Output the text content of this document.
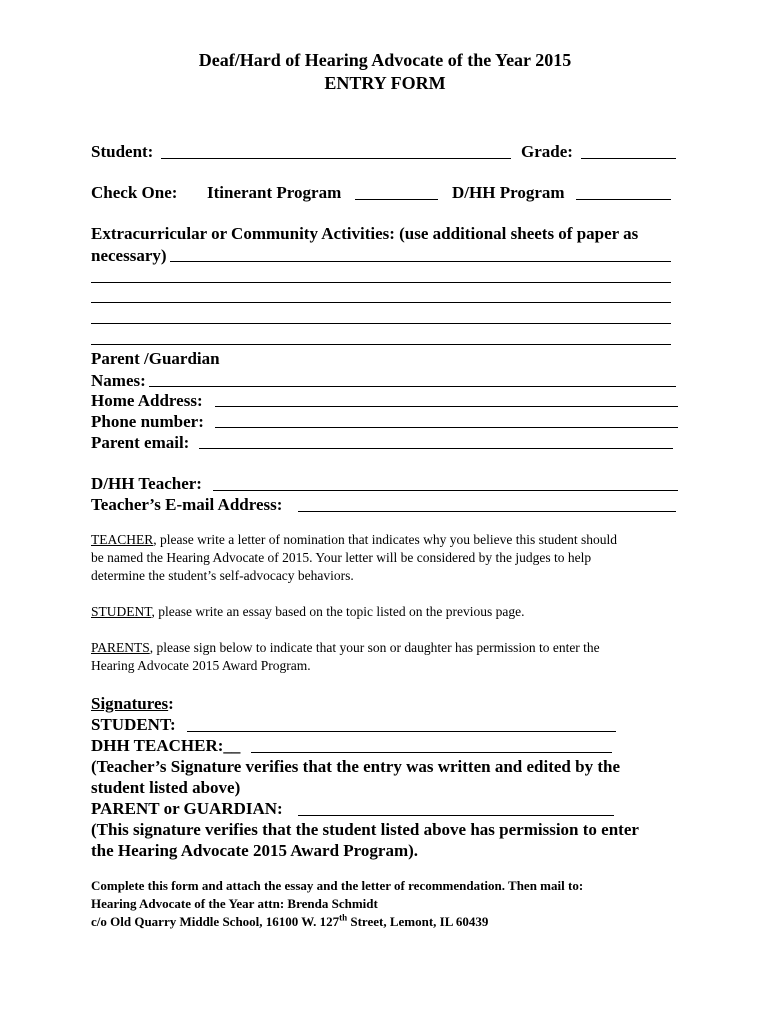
Deaf/Hard of Hearing Advocate of the Year 2015
ENTRY FORM
Student:	Grade:
Check One: Itinerant Program	D/HH Program
Extracurricular or Community Activities: (use additional sheets of paper as
necessary)
Parent /Guardian
Names:
Home Address:
Phone number:
Parent email:
D/HH Teacher:
Teacher’s E-mail Address:
TEACHER, please write a letter of nomination that indicates why you believe this student should
be named the Hearing Advocate of 2015. Your letter will be considered by the judges to help
determine the student’s self-advocacy behaviors.
STUDENT, please write an essay based on the topic listed on the previous page.
PARENTS, please sign below to indicate that your son or daughter has permission to enter the
Hearing Advocate 2015 Award Program.
Signatures:
STUDENT:
DHH TEACHER:__
(Teacher’s Signature verifies that the entry was written and edited by the
student listed above)
PARENT or GUARDIAN:
(This signature verifies that the student listed above has permission to enter
the Hearing Advocate 2015 Award Program).
Complete this form and attach the essay and the letter of recommendation. Then mail to:
Hearing Advocate of the Year attn: Brenda Schmidt
c/o Old Quarry Middle School, 16100 W. 127th Street, Lemont, IL 60439
